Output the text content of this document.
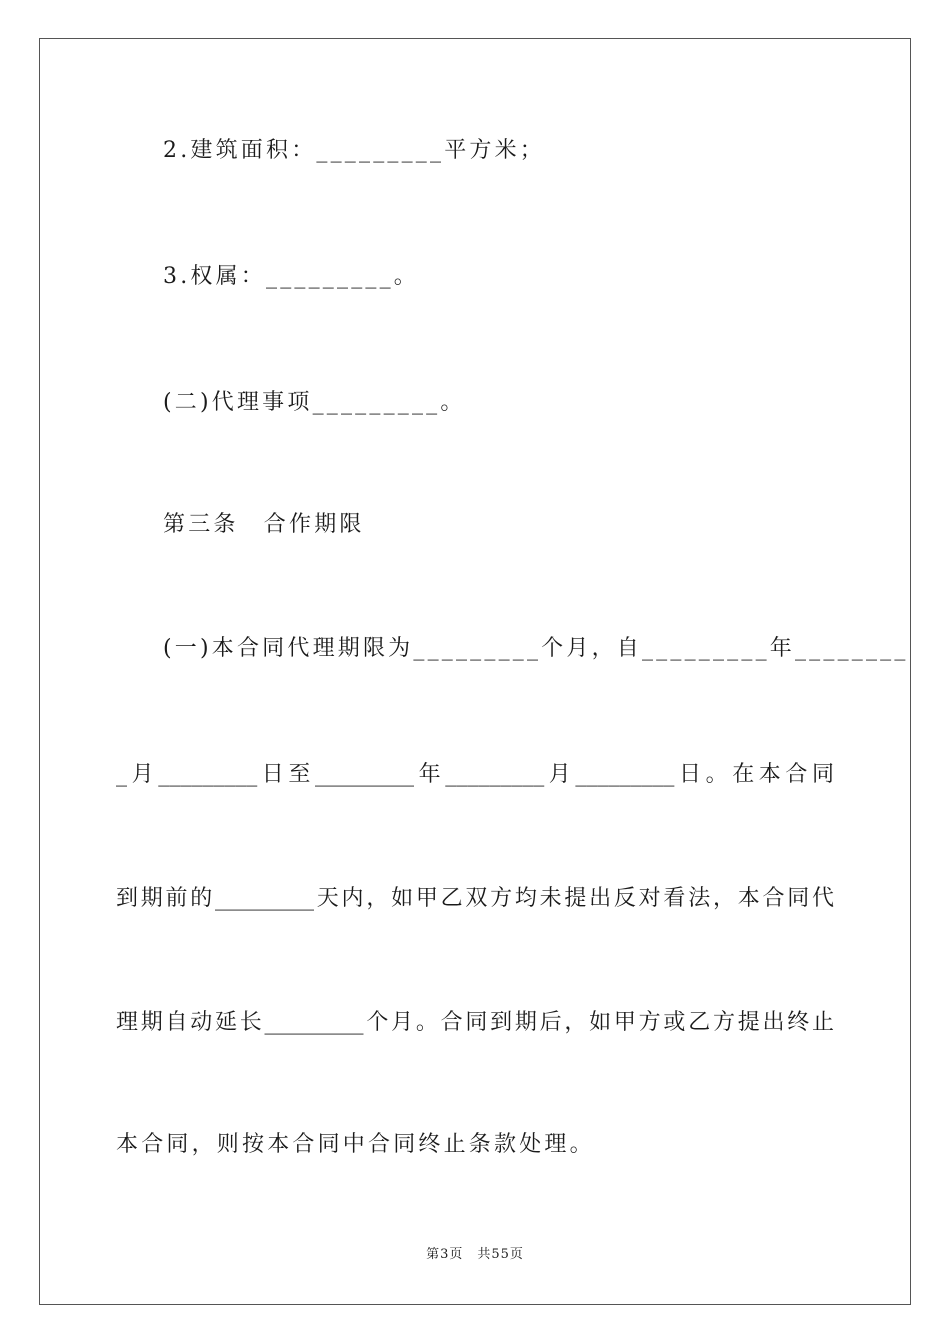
2.建筑面积：_________平方米；
3.权属：_________。
(二)代理事项_________。
第三条　合作期限
(一)本合同代理期限为_________个月，自_________年________
_月_________日至_________年_________月_________日。在本合同
到期前的_________天内，如甲乙双方均未提出反对看法，本合同代
理期自动延长_________个月。合同到期后，如甲方或乙方提出终止
本合同，则按本合同中合同终止条款处理。
第3页　共55页
